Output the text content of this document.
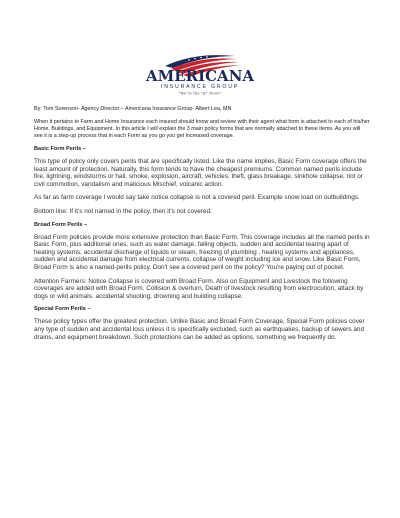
AMERICANA
INSURANCE GROUP
"We're the "A" Team"

By: Tom Sorenson- Agency Director – Americana Insurance Group- Albert Lea, MN

When it pertains to Farm and Home Insurance each insured should know and review with their agent what form is attached to each of his/her Home, Buildings, and Equipment. In this article I will explain the 3 main policy forms that are normally attached to these items. As you will see it is a step-up process that in each Form as you go you get increased coverage.

Basic Form Perils –

This type of policy only covers perils that are specifically listed. Like the name implies, Basic Form coverage offers the least amount of protection. Naturally, this form tends to have the cheapest premiums. Common named perils include fire, lightning, windstorms or hail, smoke, explosion, aircraft, vehicles, theft, glass breakage, sinkhole collapse, riot or civil commotion, vandalism and malicious Mischief, volcanic action.

As far as farm coverage I would say take notice collapse is not a covered peril. Example snow load on outbuildings.

Bottom line: If it's not named in the policy, then it's not covered.

Broad Form Perils –

Broad Form policies provide more extensive protection than Basic Form. This coverage includes all the named perils in Basic Form, plus additional ones, such as water damage, falling objects, sudden and accidental tearing apart of heating systems, accidental discharge of liquids or steam, freezing of plumbing , heating systems and appliances, sudden and accidental damage from electrical currents, collapse of weight including ice and snow. Like Basic Form, Broad Form is also a named-perils policy. Don't see a covered peril on the policy? You're paying out of pocket.

Attention Farmers: Notice Collapse is covered with Broad Form. Also on Equipment and Livestock the following coverages are added with Broad Form. Collision & overturn, Death of livestock resulting from electrocution, attack by dogs or wild animals. accidental shooting, drowning and building collapse.

Special Form Perils –

These policy types offer the greatest protection. Unlike Basic and Broad Form Coverage, Special Form policies cover any type of sudden and accidental loss unless it is specifically excluded, such as earthquakes, backup of sewers and drains, and equipment breakdown. Such protections can be added as options, something we frequently do.
